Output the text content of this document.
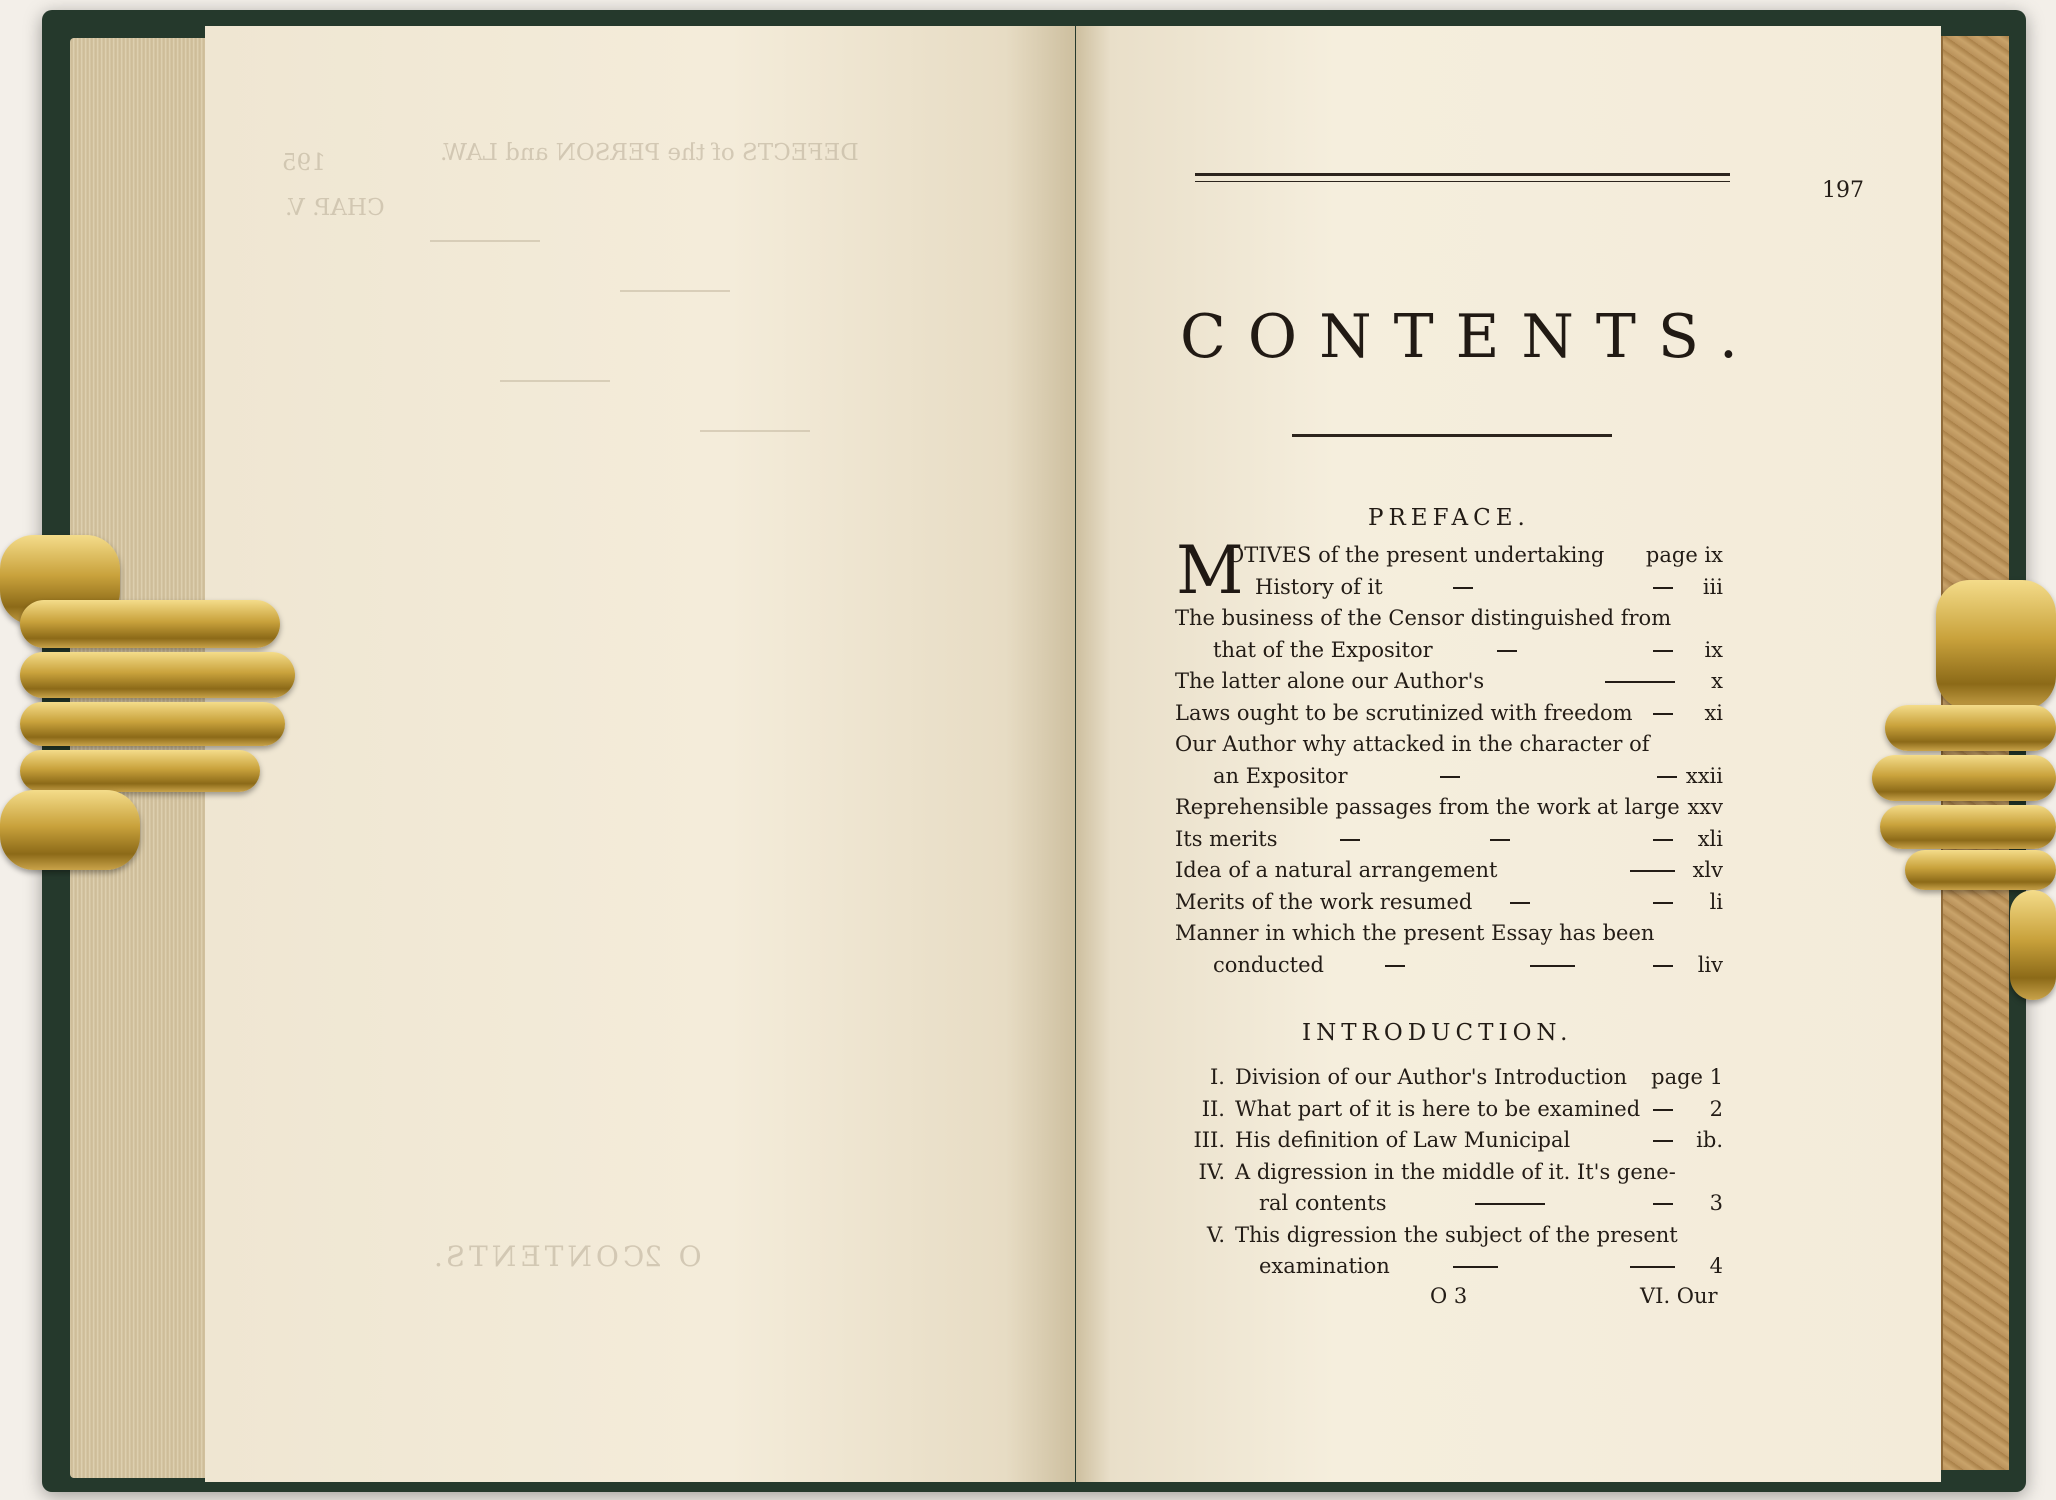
DEFECTS of the PERSON and LAW.
195
CHAP. V.
O 2
CONTENTS.
197
CONTENTS.
PREFACE.
M
OTIVES of the present undertaking page ix
History of it	iii
The business of the Censor distinguished from
that of the Expositor	ix
The latter alone our Author's	x
Laws ought to be scrutinized with freedom	xi
Our Author why attacked in the character of
an Expositor	xxii
Reprehensible passages from the work at large xxv
Its merits	xli
Idea of a natural arrangement	xlv
Merits of the work resumed	li
Manner in which the present Essay has been
conducted	liv
INTRODUCTION.
I. Division of our Author's Introduction page 1
II. What part of it is here to be examined	2
III. His definition of Law Municipal	ib.
IV. A digression in the middle of it. It's gene-
ral contents	3
V. This digression the subject of the present
examination	4
O 3	VI. Our
